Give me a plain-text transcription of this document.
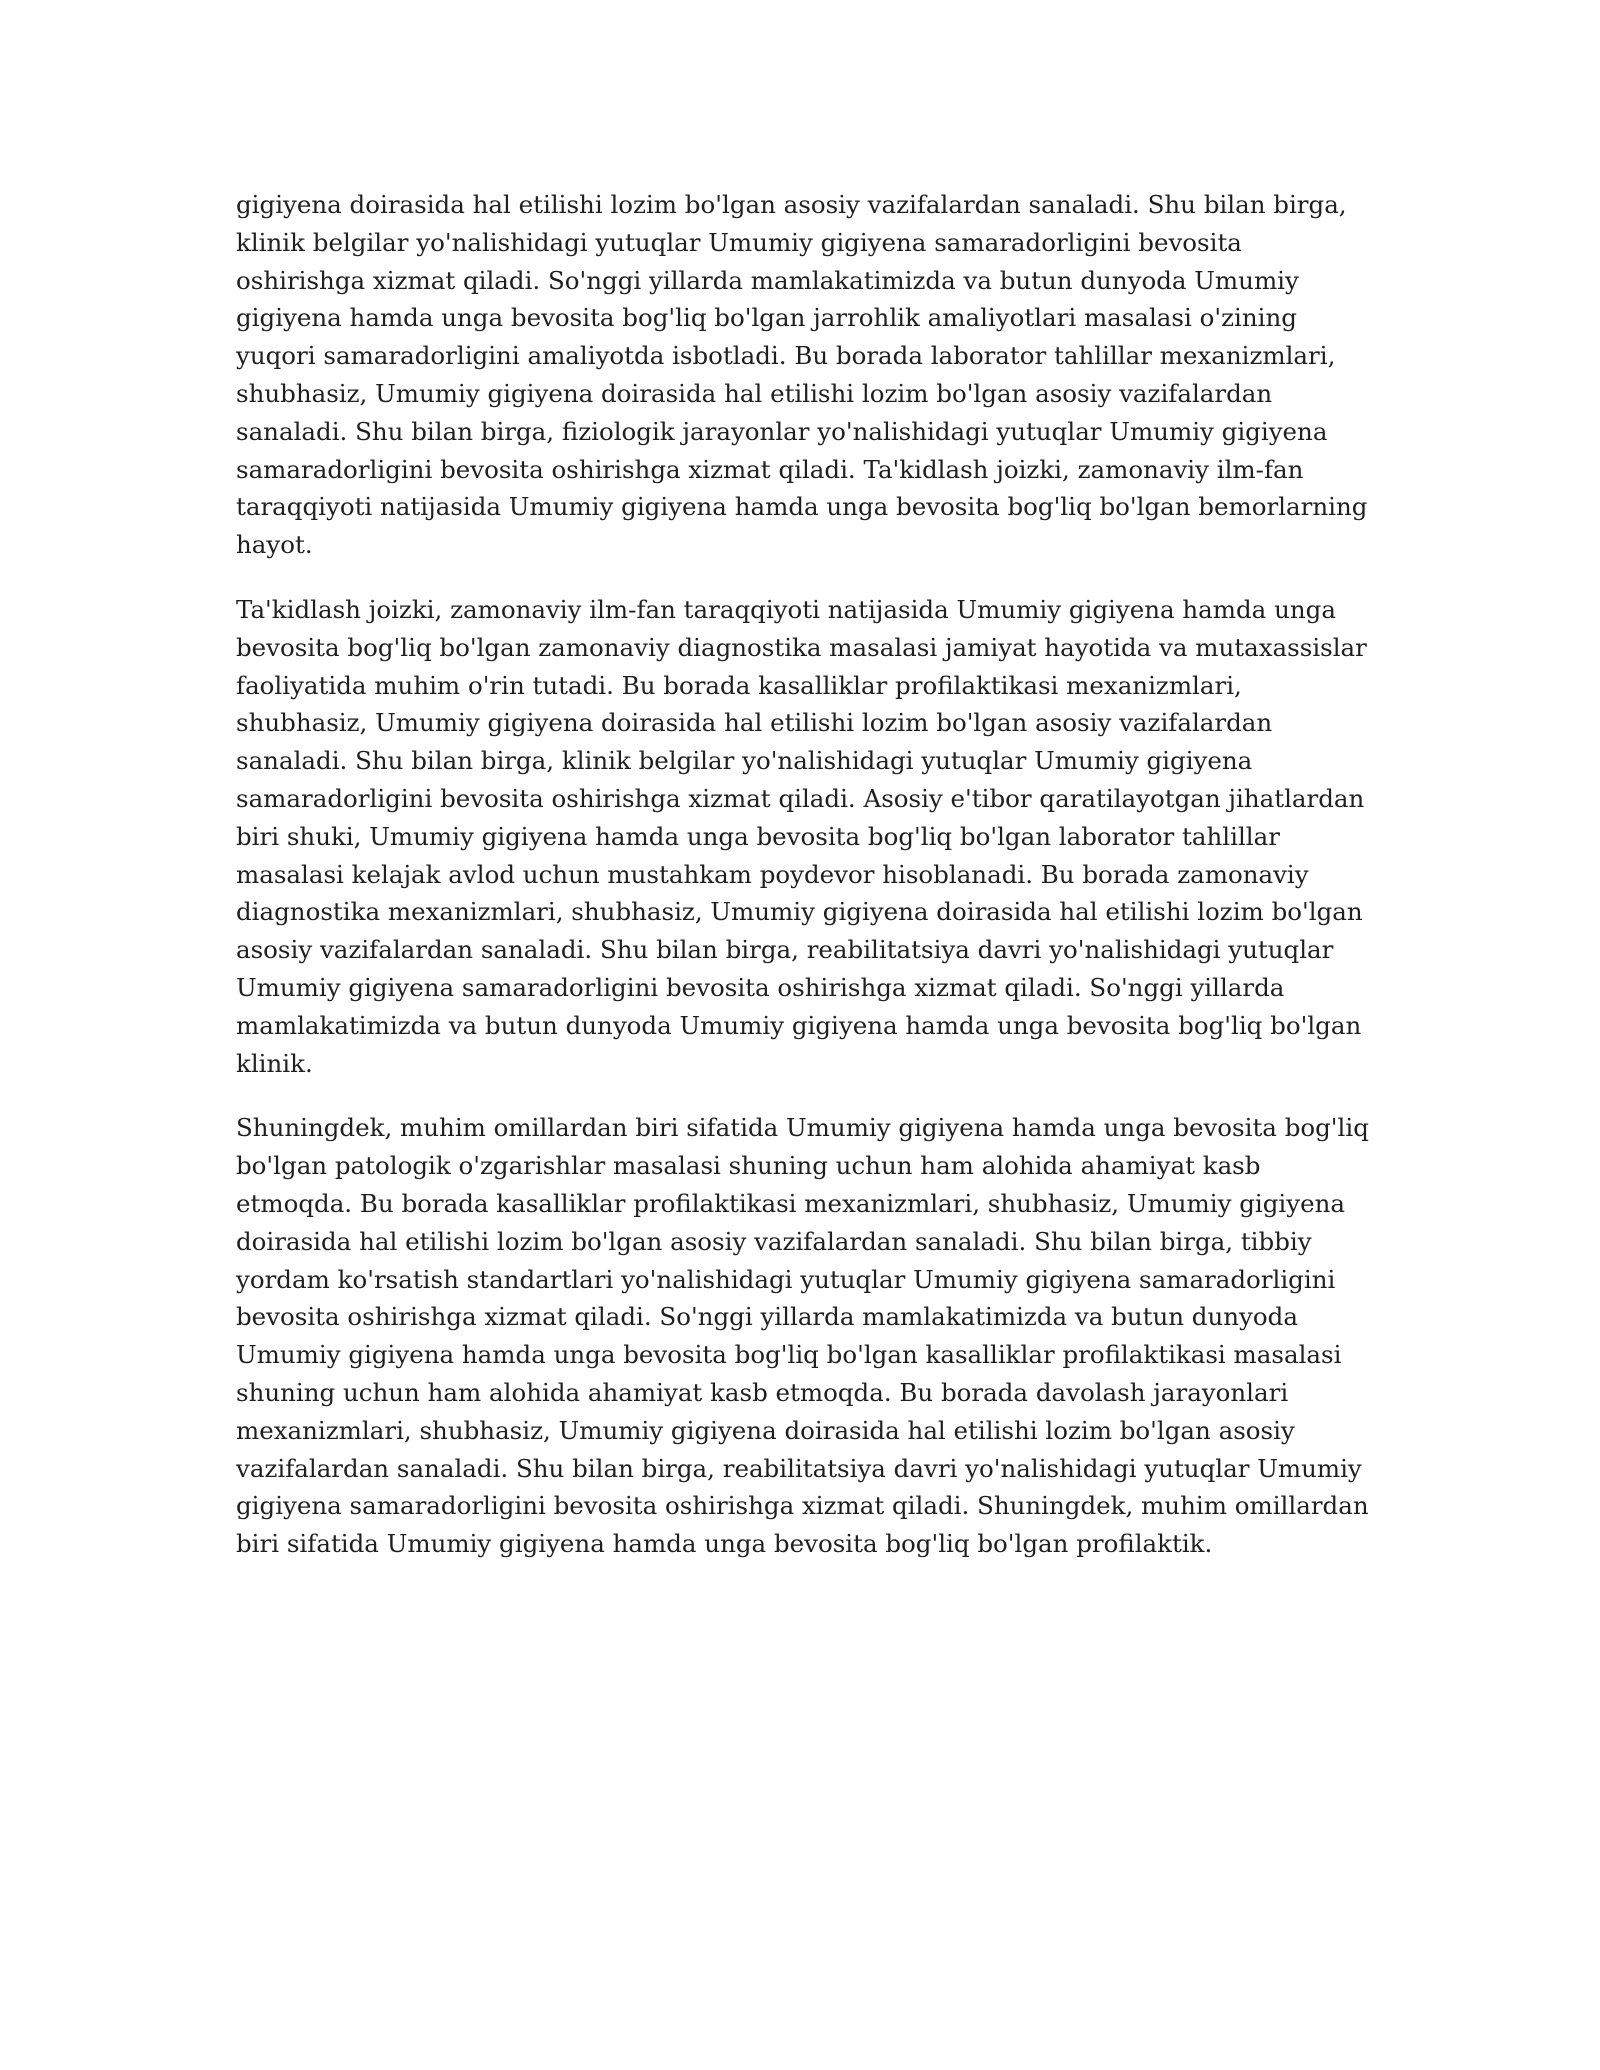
gigiyena doirasida hal etilishi lozim bo'lgan asosiy vazifalardan sanaladi. Shu bilan birga, klinik belgilar yo'nalishidagi yutuqlar Umumiy gigiyena samaradorligini bevosita oshirishga xizmat qiladi. So'nggi yillarda mamlakatimizda va butun dunyoda Umumiy gigiyena hamda unga bevosita bog'liq bo'lgan jarrohlik amaliyotlari masalasi o'zining yuqori samaradorligini amaliyotda isbotladi. Bu borada laborator tahlillar mexanizmlari, shubhasiz, Umumiy gigiyena doirasida hal etilishi lozim bo'lgan asosiy vazifalardan sanaladi. Shu bilan birga, fiziologik jarayonlar yo'nalishidagi yutuqlar Umumiy gigiyena samaradorligini bevosita oshirishga xizmat qiladi. Ta'kidlash joizki, zamonaviy ilm-fan taraqqiyoti natijasida Umumiy gigiyena hamda unga bevosita bog'liq bo'lgan bemorlarning hayot.

Ta'kidlash joizki, zamonaviy ilm-fan taraqqiyoti natijasida Umumiy gigiyena hamda unga bevosita bog'liq bo'lgan zamonaviy diagnostika masalasi jamiyat hayotida va mutaxassislar faoliyatida muhim o'rin tutadi. Bu borada kasalliklar profilaktikasi mexanizmlari, shubhasiz, Umumiy gigiyena doirasida hal etilishi lozim bo'lgan asosiy vazifalardan sanaladi. Shu bilan birga, klinik belgilar yo'nalishidagi yutuqlar Umumiy gigiyena samaradorligini bevosita oshirishga xizmat qiladi. Asosiy e'tibor qaratilayotgan jihatlardan biri shuki, Umumiy gigiyena hamda unga bevosita bog'liq bo'lgan laborator tahlillar masalasi kelajak avlod uchun mustahkam poydevor hisoblanadi. Bu borada zamonaviy diagnostika mexanizmlari, shubhasiz, Umumiy gigiyena doirasida hal etilishi lozim bo'lgan asosiy vazifalardan sanaladi. Shu bilan birga, reabilitatsiya davri yo'nalishidagi yutuqlar Umumiy gigiyena samaradorligini bevosita oshirishga xizmat qiladi. So'nggi yillarda mamlakatimizda va butun dunyoda Umumiy gigiyena hamda unga bevosita bog'liq bo'lgan klinik.

Shuningdek, muhim omillardan biri sifatida Umumiy gigiyena hamda unga bevosita bog'liq bo'lgan patologik o'zgarishlar masalasi shuning uchun ham alohida ahamiyat kasb etmoqda. Bu borada kasalliklar profilaktikasi mexanizmlari, shubhasiz, Umumiy gigiyena doirasida hal etilishi lozim bo'lgan asosiy vazifalardan sanaladi. Shu bilan birga, tibbiy yordam ko'rsatish standartlari yo'nalishidagi yutuqlar Umumiy gigiyena samaradorligini bevosita oshirishga xizmat qiladi. So'nggi yillarda mamlakatimizda va butun dunyoda Umumiy gigiyena hamda unga bevosita bog'liq bo'lgan kasalliklar profilaktikasi masalasi shuning uchun ham alohida ahamiyat kasb etmoqda. Bu borada davolash jarayonlari mexanizmlari, shubhasiz, Umumiy gigiyena doirasida hal etilishi lozim bo'lgan asosiy vazifalardan sanaladi. Shu bilan birga, reabilitatsiya davri yo'nalishidagi yutuqlar Umumiy gigiyena samaradorligini bevosita oshirishga xizmat qiladi. Shuningdek, muhim omillardan biri sifatida Umumiy gigiyena hamda unga bevosita bog'liq bo'lgan profilaktik.
